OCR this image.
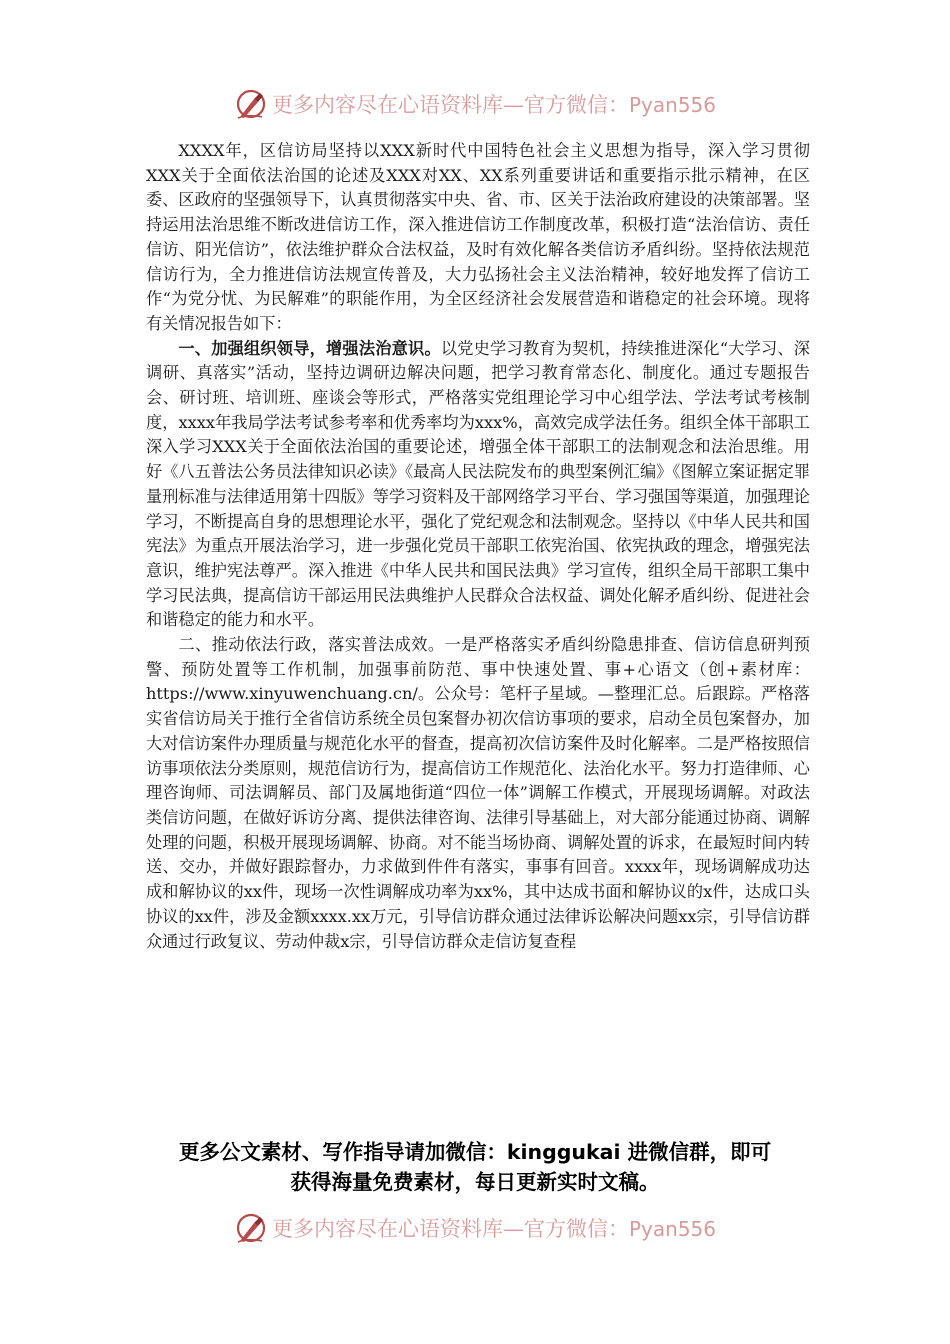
更多内容尽在心语资料库—官方微信：Pyan556

XXXX年，区信访局坚持以XXX新时代中国特色社会主义思想为指导，深入学习贯彻XXX关于全面依法治国的论述及XXX对XX、XX系列重要讲话和重要指示批示精神，在区委、区政府的坚强领导下，认真贯彻落实中央、省、市、区关于法治政府建设的决策部署。坚持运用法治思维不断改进信访工作，深入推进信访工作制度改革，积极打造“法治信访、责任信访、阳光信访”，依法维护群众合法权益，及时有效化解各类信访矛盾纠纷。坚持依法规范信访行为，全力推进信访法规宣传普及，大力弘扬社会主义法治精神，较好地发挥了信访工作“为党分忧、为民解难”的职能作用，为全区经济社会发展营造和谐稳定的社会环境。现将有关情况报告如下：

一、加强组织领导，增强法治意识。以党史学习教育为契机，持续推进深化“大学习、深调研、真落实”活动，坚持边调研边解决问题，把学习教育常态化、制度化。通过专题报告会、研讨班、培训班、座谈会等形式，严格落实党组理论学习中心组学法、学法考试考核制度，xxxx年我局学法考试参考率和优秀率均为xxx%，高效完成学法任务。组织全体干部职工深入学习XXX关于全面依法治国的重要论述，增强全体干部职工的法制观念和法治思维。用好《八五普法公务员法律知识必读》《最高人民法院发布的典型案例汇编》《图解立案证据定罪量刑标准与法律适用第十四版》等学习资料及干部网络学习平台、学习强国等渠道，加强理论学习，不断提高自身的思想理论水平，强化了党纪观念和法制观念。坚持以《中华人民共和国宪法》为重点开展法治学习，进一步强化党员干部职工依宪治国、依宪执政的理念，增强宪法意识，维护宪法尊严。深入推进《中华人民共和国民法典》学习宣传，组织全局干部职工集中学习民法典，提高信访干部运用民法典维护人民群众合法权益、调处化解矛盾纠纷、促进社会和谐稳定的能力和水平。

二、推动依法行政，落实普法成效。一是严格落实矛盾纠纷隐患排查、信访信息研判预警、预防处置等工作机制，加强事前防范、事中快速处置、事+心语文（创+素材库：https://www.xinyuwenchuang.cn/。公众号：笔杆子星域。—整理汇总。后跟踪。严格落实省信访局关于推行全省信访系统全员包案督办初次信访事项的要求，启动全员包案督办，加大对信访案件办理质量与规范化水平的督查，提高初次信访案件及时化解率。二是严格按照信访事项依法分类原则，规范信访行为，提高信访工作规范化、法治化水平。努力打造律师、心理咨询师、司法调解员、部门及属地街道“四位一体”调解工作模式，开展现场调解。对政法类信访问题，在做好诉访分离、提供法律咨询、法律引导基础上，对大部分能通过协商、调解处理的问题，积极开展现场调解、协商。对不能当场协商、调解处置的诉求，在最短时间内转送、交办，并做好跟踪督办，力求做到件件有落实，事事有回音。xxxx年，现场调解成功达成和解协议的xx件，现场一次性调解成功率为xx%，其中达成书面和解协议的x件，达成口头协议的xx件，涉及金额xxxx.xx万元，引导信访群众通过法律诉讼解决问题xx宗，引导信访群众通过行政复议、劳动仲裁x宗，引导信访群众走信访复查程

更多公文素材、写作指导请加微信：kinggukai 进微信群，即可
获得海量免费素材，每日更新实时文稿。
更多内容尽在心语资料库—官方微信：Pyan556
